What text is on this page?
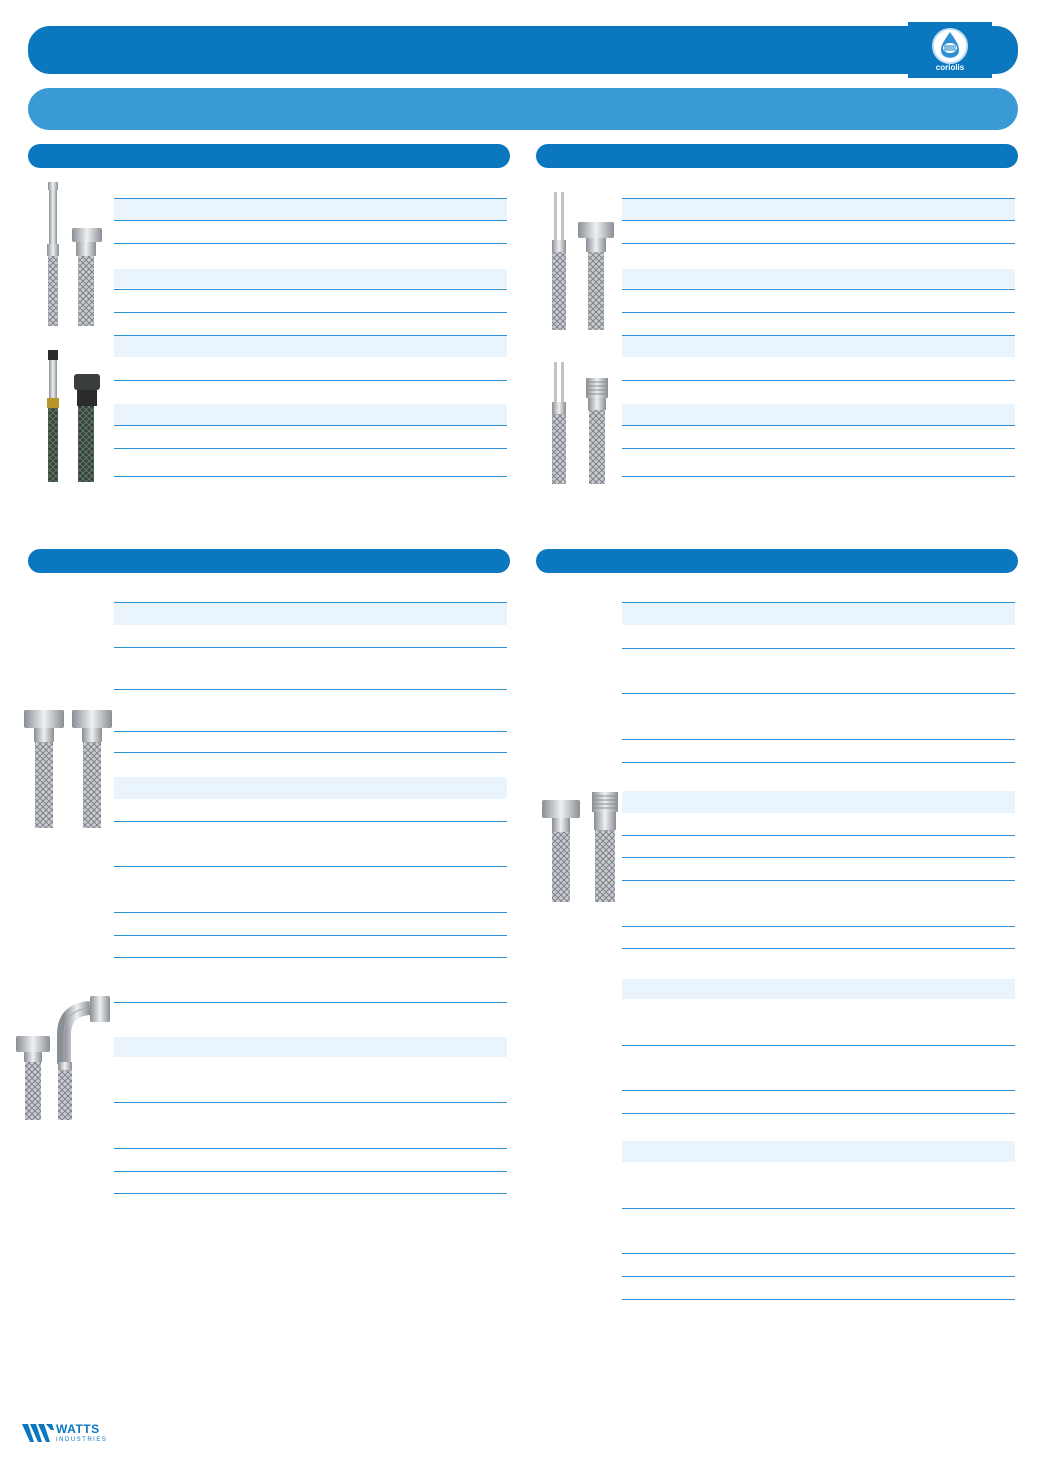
coriolis
WATTS
INDUSTRIES
